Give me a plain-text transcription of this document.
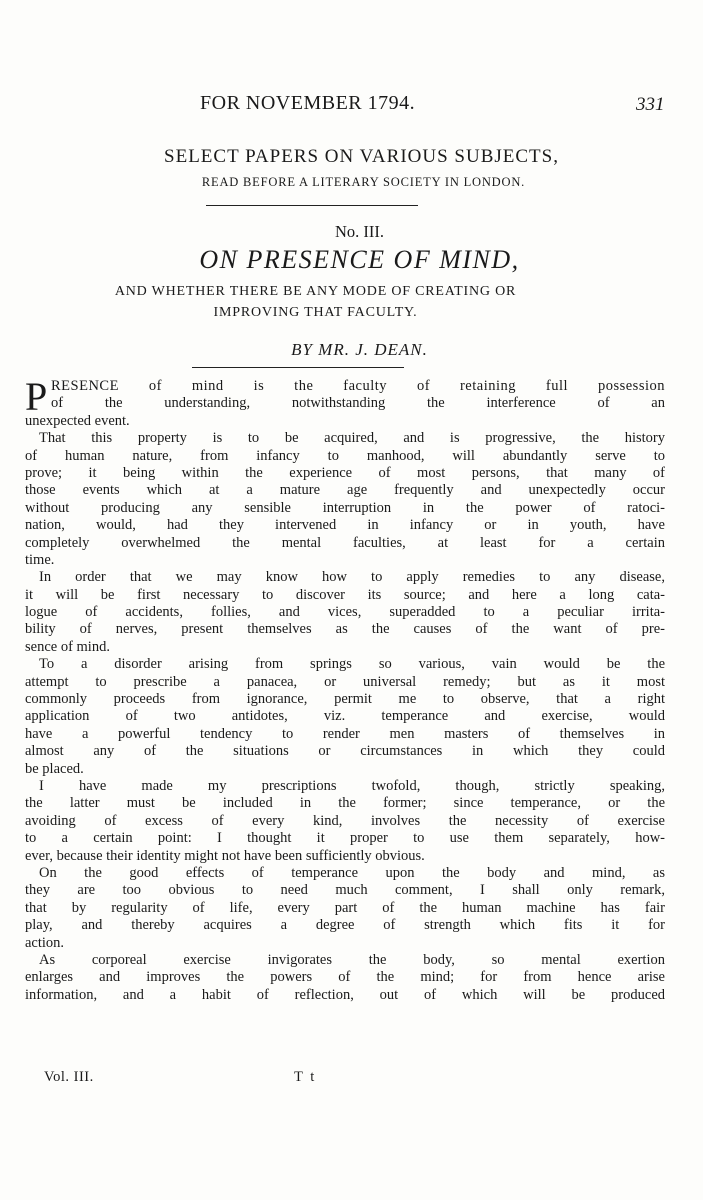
FOR NOVEMBER 1794.	331
SELECT PAPERS ON VARIOUS SUBJECTS,
READ BEFORE A LITERARY SOCIETY IN LONDON.
No. III.
ON PRESENCE OF MIND,
AND WHETHER THERE BE ANY MODE OF CREATING OR
IMPROVING THAT FACULTY.
BY MR. J. DEAN.
P RESENCE of mind is the faculty of retaining full possession
of the understanding, notwithstanding the interference of an
unexpected event.
That this property is to be acquired, and is progressive, the history
of human nature, from infancy to manhood, will abundantly serve to
prove; it being within the experience of most persons, that many of
those events which at a mature age frequently and unexpectedly occur
without producing any sensible interruption in the power of ratoci-
nation, would, had they intervened in infancy or in youth, have
completely overwhelmed the mental faculties, at least for a certain
time.
In order that we may know how to apply remedies to any disease,
it will be first necessary to discover its source; and here a long cata-
logue of accidents, follies, and vices, superadded to a peculiar irrita-
bility of nerves, present themselves as the causes of the want of pre-
sence of mind.
To a disorder arising from springs so various, vain would be the
attempt to prescribe a panacea, or universal remedy; but as it most
commonly proceeds from ignorance, permit me to observe, that a right
application of two antidotes, viz. temperance and exercise, would
have a powerful tendency to render men masters of themselves in
almost any of the situations or circumstances in which they could
be placed.
I have made my prescriptions twofold, though, strictly speaking,
the latter must be included in the former; since temperance, or the
avoiding of excess of every kind, involves the necessity of exercise
to a certain point: I thought it proper to use them separately, how-
ever, because their identity might not have been sufficiently obvious.
On the good effects of temperance upon the body and mind, as
they are too obvious to need much comment, I shall only remark,
that by regularity of life, every part of the human machine has fair
play, and thereby acquires a degree of strength which fits it for
action.
As corporeal exercise invigorates the body, so mental exertion
enlarges and improves the powers of the mind; for from hence arise
information, and a habit of reflection, out of which will be produced
Vol. III.	T t
